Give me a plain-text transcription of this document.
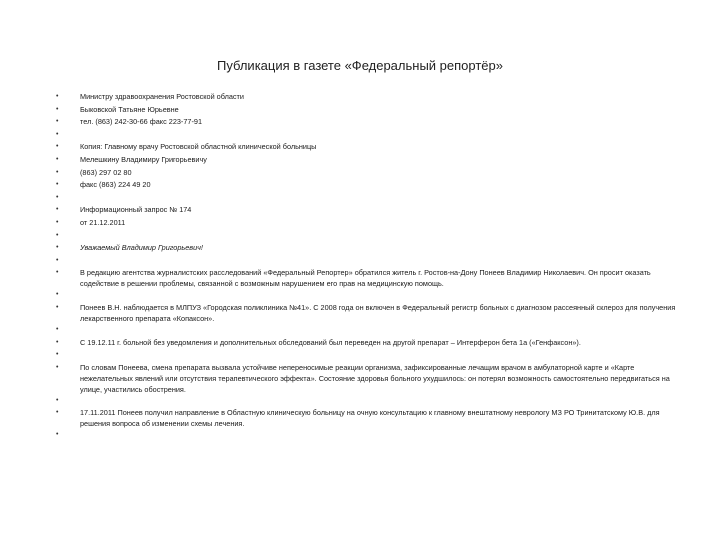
Публикация в газете «Федеральный репортёр»
• Министру здравоохранения Ростовской области
• Быковской Татьяне Юрьевне
• тел. (863) 242-30-66 факс 223-77-91
•
• Копия: Главному врачу Ростовской областной клинической больницы
• Мелешкину Владимиру Григорьевичу
• (863) 297 02 80
• факс (863) 224 49 20
•
• Информационный запрос № 174
• от 21.12.2011
•
• Уважаемый Владимир Григорьевич!
•
• В редакцию агентства журналистских расследований «Федеральный Репортер» обратился житель г. Ростов-на-Дону Понеев Владимир Николаевич. Он просит оказать содействие в решении проблемы, связанной с возможным нарушением его прав на медицинскую помощь.
•
• Понеев В.Н. наблюдается в МЛПУЗ «Городская поликлиника №41». С 2008 года он включен в Федеральный регистр больных с диагнозом рассеянный склероз для получения лекарственного препарата «Копаксон».
•
• С 19.12.11 г. больной без уведомления и дополнительных обследований был переведен на другой препарат – Интерферон бета 1а («Генфаксон»).
•
• По словам Понеева, смена препарата вызвала устойчиве непереносимые реакции организма, зафиксированные лечащим врачом в амбулаторной карте и «Карте нежелательных явлений или отсутствия терапевтического эффекта». Состояние здоровья больного ухудшилось: он потерял возможность самостоятельно передвигаться на улице, участились обострения.
•
• 17.11.2011 Понеев получил направление в Областную клиническую больницу на очную консультацию к главному внештатному неврологу МЗ РО Тринитатскому Ю.В. для решения вопроса об изменении схемы лечения.
•
